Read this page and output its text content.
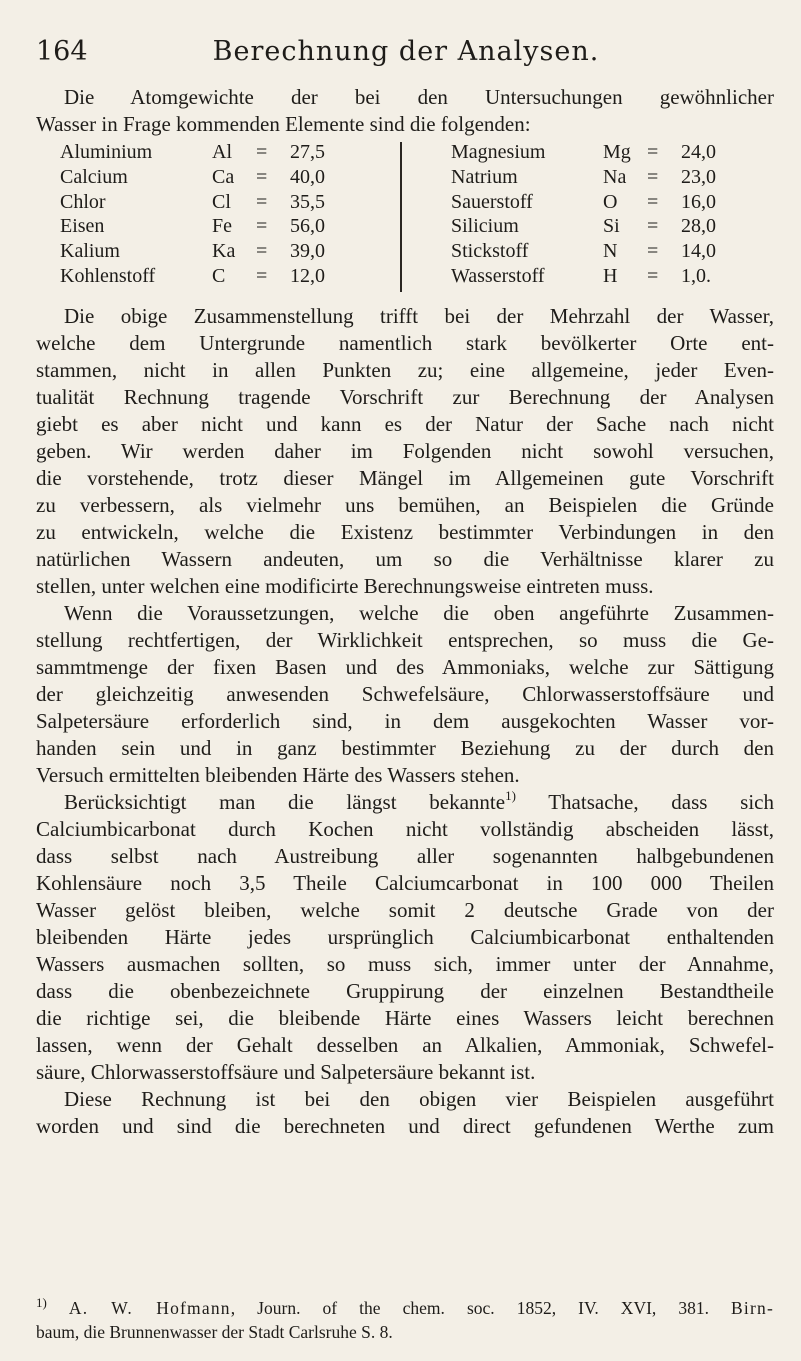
164	Berechnung der Analysen.
Die Atomgewichte der bei den Untersuchungen gewöhnlicher
Wasser in Frage kommenden Elemente sind die folgenden:
Aluminium	Al = 27,5
Calcium	Ca = 40,0
Chlor	Cl = 35,5
Eisen	Fe = 56,0
Kalium	Ka = 39,0
Kohlenstoff	C = 12,0
Magnesium	Mg = 24,0
Natrium	Na = 23,0
Sauerstoff	O = 16,0
Silicium	Si = 28,0
Stickstoff	N = 14,0
Wasserstoff	H = 1,0.
Die obige Zusammenstellung trifft bei der Mehrzahl der Wasser,
welche dem Untergrunde namentlich stark bevölkerter Orte ent-
stammen, nicht in allen Punkten zu; eine allgemeine, jeder Even-
tualität Rechnung tragende Vorschrift zur Berechnung der Analysen
giebt es aber nicht und kann es der Natur der Sache nach nicht
geben. Wir werden daher im Folgenden nicht sowohl versuchen,
die vorstehende, trotz dieser Mängel im Allgemeinen gute Vorschrift
zu verbessern, als vielmehr uns bemühen, an Beispielen die Gründe
zu entwickeln, welche die Existenz bestimmter Verbindungen in den
natürlichen Wassern andeuten, um so die Verhältnisse klarer zu
stellen, unter welchen eine modificirte Berechnungsweise eintreten muss.
Wenn die Voraussetzungen, welche die oben angeführte Zusammen-
stellung rechtfertigen, der Wirklichkeit entsprechen, so muss die Ge-
sammtmenge der fixen Basen und des Ammoniaks, welche zur Sättigung
der gleichzeitig anwesenden Schwefelsäure, Chlorwasserstoffsäure und
Salpetersäure erforderlich sind, in dem ausgekochten Wasser vor-
handen sein und in ganz bestimmter Beziehung zu der durch den
Versuch ermittelten bleibenden Härte des Wassers stehen.
Berücksichtigt man die längst bekannte$^{1)}$ Thatsache, dass sich
Calciumbicarbonat durch Kochen nicht vollständig abscheiden lässt,
dass selbst nach Austreibung aller sogenannten halbgebundenen
Kohlensäure noch 3,5 Theile Calciumcarbonat in 100 000 Theilen
Wasser gelöst bleiben, welche somit 2 deutsche Grade von der
bleibenden Härte jedes ursprünglich Calciumbicarbonat enthaltenden
Wassers ausmachen sollten, so muss sich, immer unter der Annahme,
dass die obenbezeichnete Gruppirung der einzelnen Bestandtheile
die richtige sei, die bleibende Härte eines Wassers leicht berechnen
lassen, wenn der Gehalt desselben an Alkalien, Ammoniak, Schwefel-
säure, Chlorwasserstoffsäure und Salpetersäure bekannt ist.
Diese Rechnung ist bei den obigen vier Beispielen ausgeführt
worden und sind die berechneten und direct gefundenen Werthe zum
$^{1)}$ A. W. Hofmann, Journ. of the chem. soc. 1852, IV. XVI, 381. Birn-
baum, die Brunnenwasser der Stadt Carlsruhe S. 8.
